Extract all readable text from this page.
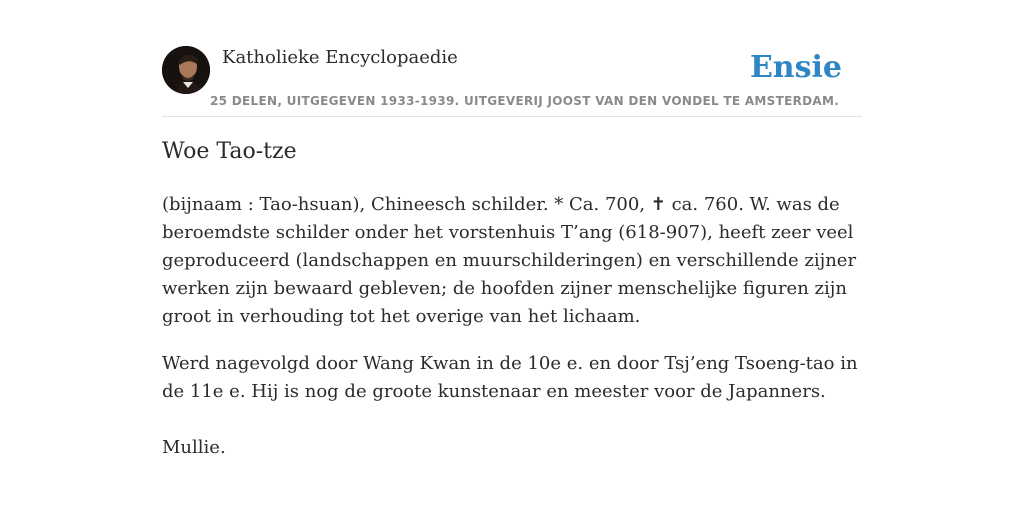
Katholieke Encyclopaedie
25 DELEN, UITGEGEVEN 1933-1939. UITGEVERIJ JOOST VAN DEN VONDEL TE AMSTERDAM.
Ensie
Woe Tao-tze

(bijnaam : Tao-hsuan), Chineesch schilder. * Ca. 700, ✝ ca. 760. W. was de beroemdste schilder onder het vorstenhuis T’ang (618-907), heeft zeer veel geproduceerd (landschappen en muurschilderingen) en verschillende zijner werken zijn bewaard gebleven; de hoofden zijner menschelijke figuren zijn groot in verhouding tot het overige van het lichaam.

Werd nagevolgd door Wang Kwan in de 10e e. en door Tsj’eng Tsoeng-tao in de 11e e. Hij is nog de groote kunstenaar en meester voor de Japanners.

Mullie.
